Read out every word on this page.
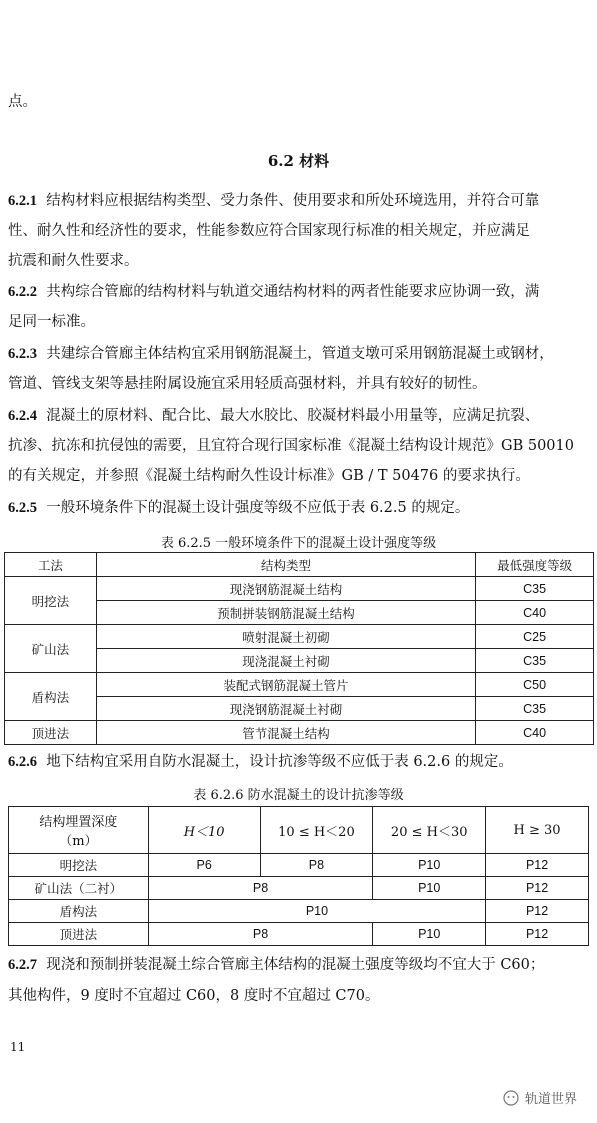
点。
6.2 材料
6.2.1 结构材料应根据结构类型、受力条件、使用要求和所处环境选用，并符合可靠
性、耐久性和经济性的要求，性能参数应符合国家现行标准的相关规定，并应满足
抗震和耐久性要求。
6.2.2 共构综合管廊的结构材料与轨道交通结构材料的两者性能要求应协调一致，满
足同一标准。
6.2.3 共建综合管廊主体结构宜采用钢筋混凝土，管道支墩可采用钢筋混凝土或钢材，
管道、管线支架等悬挂附属设施宜采用轻质高强材料，并具有较好的韧性。
6.2.4 混凝土的原材料、配合比、最大水胶比、胶凝材料最小用量等，应满足抗裂、
抗渗、抗冻和抗侵蚀的需要，且宜符合现行国家标准《混凝土结构设计规范》GB 50010
的有关规定，并参照《混凝土结构耐久性设计标准》GB / T 50476 的要求执行。
6.2.5 一般环境条件下的混凝土设计强度等级不应低于表 6.2.5 的规定。
表 6.2.5 一般环境条件下的混凝土设计强度等级
工法	结构类型	最低强度等级
明挖法	现浇钢筋混凝土结构	C35
	预制拼装钢筋混凝土结构	C40
矿山法	喷射混凝土初砌	C25
	现浇混凝土衬砌	C35
盾构法	装配式钢筋混凝土管片	C50
	现浇钢筋混凝土衬砌	C35
顶进法	管节混凝土结构	C40
6.2.6 地下结构宜采用自防水混凝土，设计抗渗等级不应低于表 6.2.6 的规定。
表 6.2.6 防水混凝土的设计抗渗等级
结构埋置深度
（m）	H＜10	10 ≤ H＜20	20 ≤ H＜30	H ≥ 30
明挖法	P6	P8	P10	P12
矿山法（二衬）	P8		P10	P12
盾构法	P10			P12
顶进法	P8		P10	P12
6.2.7 现浇和预制拼装混凝土综合管廊主体结构的混凝土强度等级均不宜大于 C60；
其他构件，9 度时不宜超过 C60，8 度时不宜超过 C70。
11
轨道世界
